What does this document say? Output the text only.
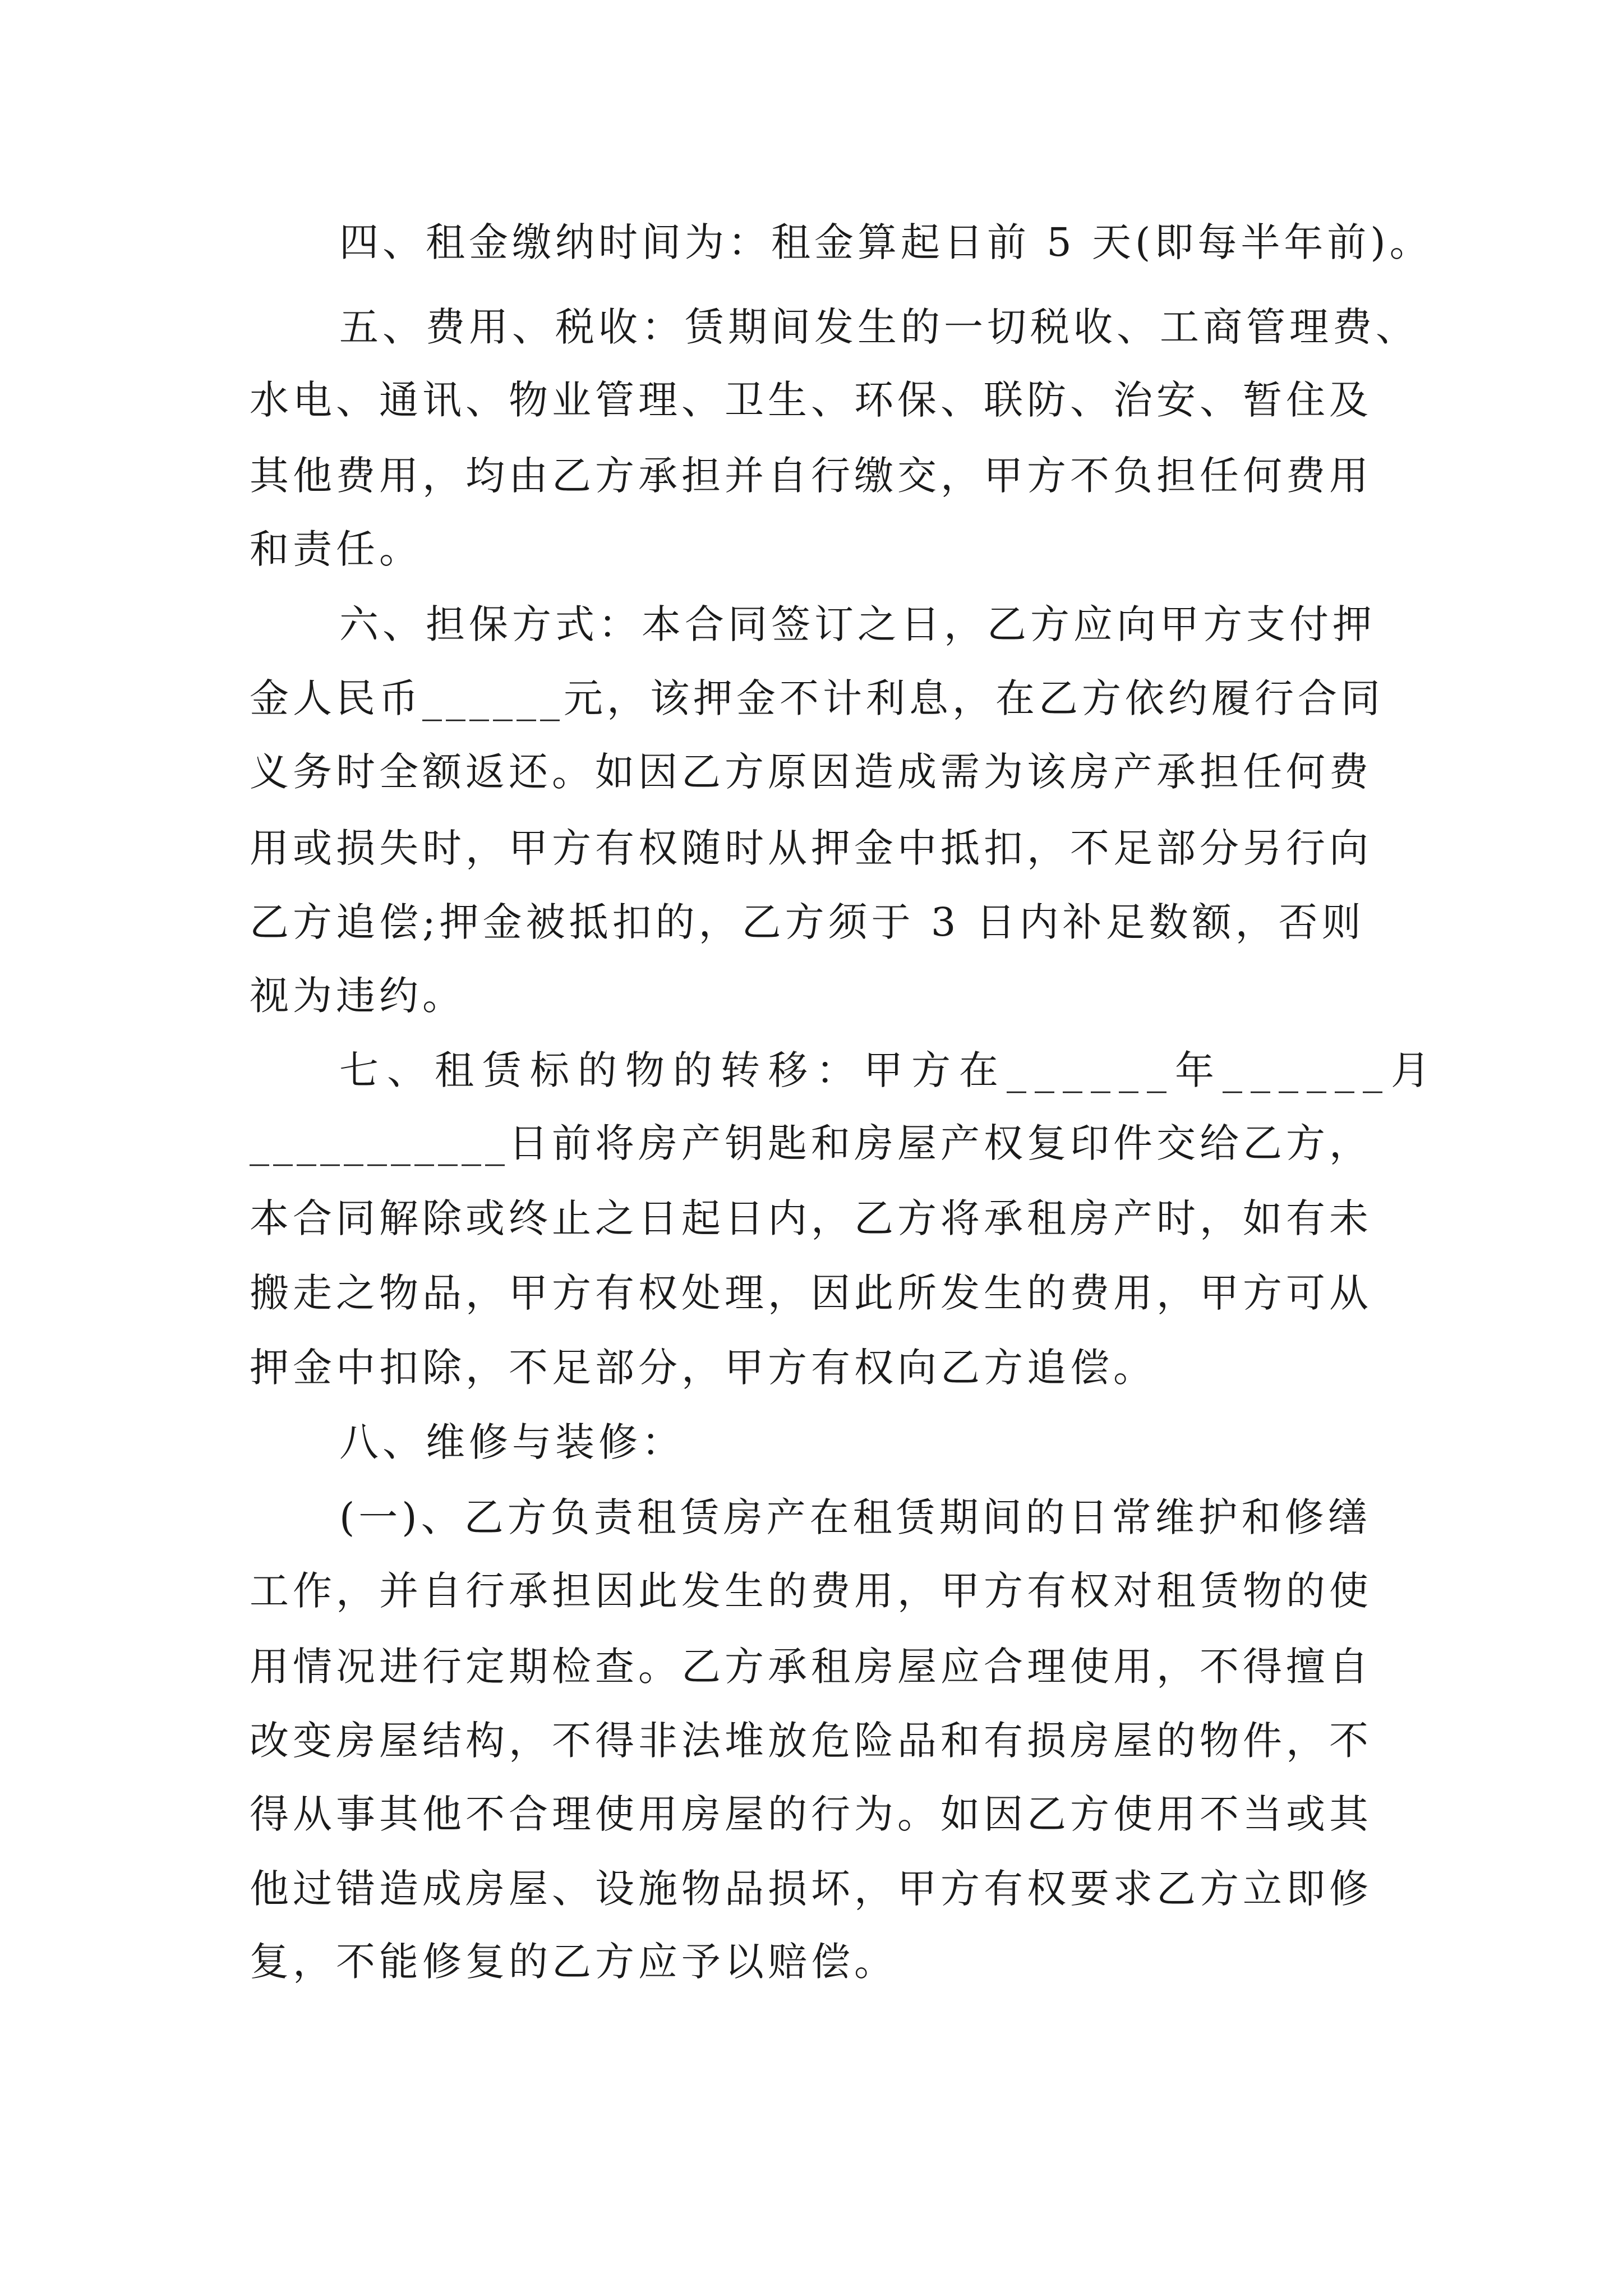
四、租金缴纳时间为：租金算起日前 5 天(即每半年前)。
五、费用、税收：赁期间发生的一切税收、工商管理费、
水电、通讯、物业管理、卫生、环保、联防、治安、暂住及
其他费用，均由乙方承担并自行缴交，甲方不负担任何费用
和责任。
六、担保方式：本合同签订之日，乙方应向甲方支付押
金人民币______元，该押金不计利息，在乙方依约履行合同
义务时全额返还。如因乙方原因造成需为该房产承担任何费
用或损失时，甲方有权随时从押金中抵扣，不足部分另行向
乙方追偿;押金被抵扣的，乙方须于 3 日内补足数额，否则
视为违约。
七、租赁标的物的转移：甲方在______年______月
___________日前将房产钥匙和房屋产权复印件交给乙方，
本合同解除或终止之日起日内，乙方将承租房产时，如有未
搬走之物品，甲方有权处理，因此所发生的费用，甲方可从
押金中扣除，不足部分，甲方有权向乙方追偿。
八、维修与装修：
(一)、乙方负责租赁房产在租赁期间的日常维护和修缮
工作，并自行承担因此发生的费用，甲方有权对租赁物的使
用情况进行定期检查。乙方承租房屋应合理使用，不得擅自
改变房屋结构，不得非法堆放危险品和有损房屋的物件，不
得从事其他不合理使用房屋的行为。如因乙方使用不当或其
他过错造成房屋、设施物品损坏，甲方有权要求乙方立即修
复，不能修复的乙方应予以赔偿。
